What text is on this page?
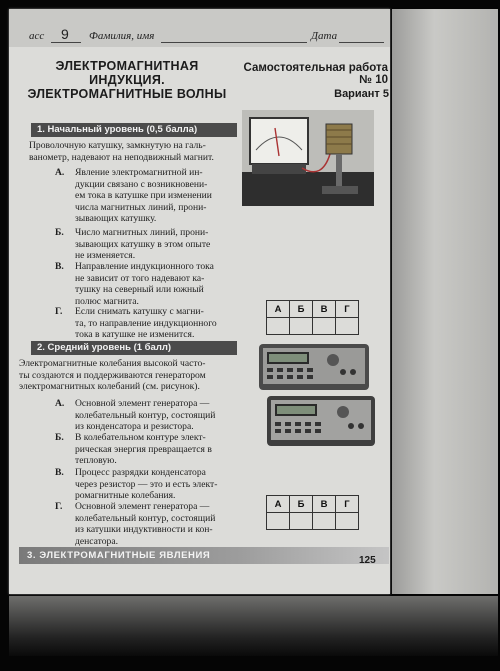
асс 9 Фамилия, имя	Дата
ЭЛЕКТРОМАГНИТНАЯ
ИНДУКЦИЯ.
ЭЛЕКТРОМАГНИТНЫЕ ВОЛНЫ
Самостоятельная работа № 10
Вариант 5
1. Начальный уровень (0,5 балла)
Проволочную катушку, замкнутую на галь-
ванометр, надевают на неподвижный магнит.
А. Явление электромагнитной ин-
дукции связано с возникновени-
ем тока в катушке при изменении
числа магнитных линий, прони-
зывающих катушку.
Б. Число магнитных линий, прони-
зывающих катушку в этом опыте
не изменяется.
В. Направление индукционного тока
не зависит от того надевают ка-
тушку на северный или южный
полюс магнита.
Г. Если снимать катушку с магни-
та, то направление индукционного
тока в катушке не изменится.
А	Б	В	Г

2. Средний уровень (1 балл)
Электромагнитные колебания высокой часто-
ты создаются и поддерживаются генератором
электромагнитных колебаний (см. рисунок).
А. Основной элемент генератора —
колебательный контур, состоящий
из конденсатора и резистора.
Б. В колебательном контуре элект-
рическая энергия превращается в
тепловую.
В. Процесс разрядки конденсатора
через резистор — это и есть элект-
ромагнитные колебания.
Г. Основной элемент генератора —
колебательный контур, состоящий
из катушки индуктивности и кон-
денсатора.
А	Б	В	Г

3. ЭЛЕКТРОМАГНИТНЫЕ ЯВЛЕНИЯ	125
